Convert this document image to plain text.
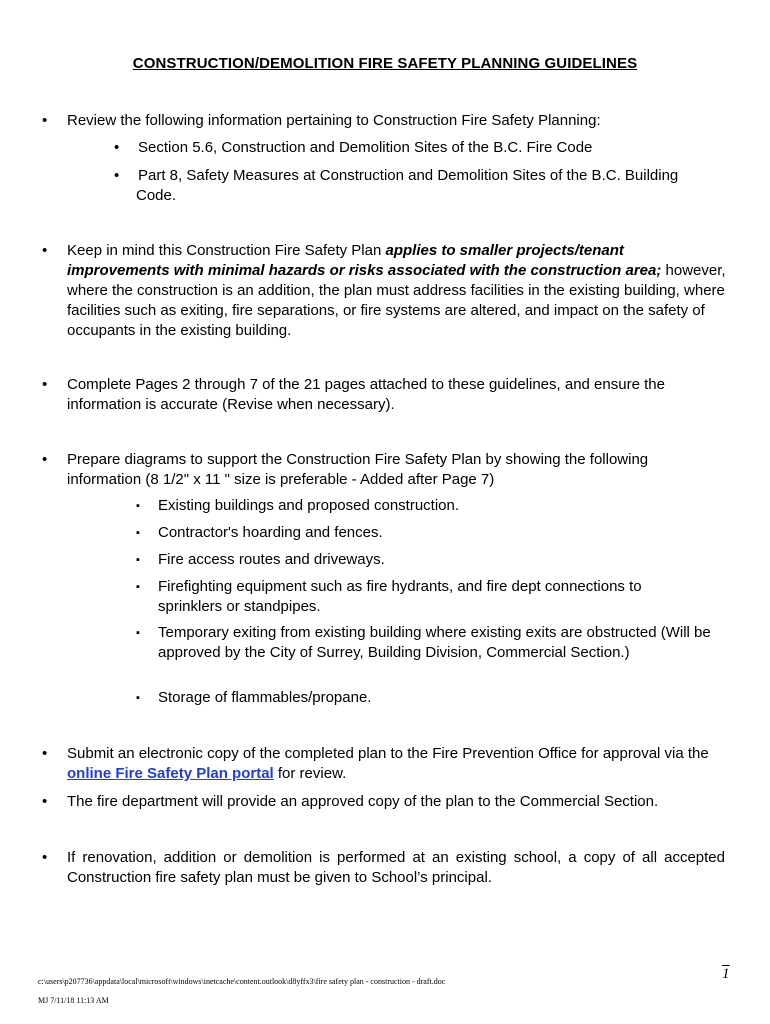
CONSTRUCTION/DEMOLITION FIRE SAFETY PLANNING GUIDELINES
• Review the following information pertaining to Construction Fire Safety Planning:

• Section 5.6, Construction and Demolition Sites of the B.C. Fire Code

• Part 8, Safety Measures at Construction and Demolition Sites of the B.C. Building Code.

• Keep in mind this Construction Fire Safety Plan applies to smaller projects/tenant improvements with minimal hazards or risks associated with the construction area; however, where the construction is an addition, the plan must address facilities in the existing building, where facilities such as exiting, fire separations, or fire systems are altered, and impact on the safety of occupants in the existing building.

• Complete Pages 2 through 7 of the 21 pages attached to these guidelines, and ensure the information is accurate (Revise when necessary).

• Prepare diagrams to support the Construction Fire Safety Plan by showing the following information (8 1/2" x 11 " size is preferable - Added after Page 7)

▪ Existing buildings and proposed construction.

▪ Contractor's hoarding and fences.

▪ Fire access routes and driveways.

▪ Firefighting equipment such as fire hydrants, and fire dept connections to sprinklers or standpipes.

▪ Temporary exiting from existing building where existing exits are obstructed (Will be approved by the City of Surrey, Building Division, Commercial Section.)

▪ Storage of flammables/propane.

• Submit an electronic copy of the completed plan to the Fire Prevention Office for approval via the online Fire Safety Plan portal for review.

• The fire department will provide an approved copy of the plan to the Commercial Section.

• If renovation, addition or demolition is performed at an existing school, a copy of all accepted Construction fire safety plan must be given to School’s principal.

c:\users\p207736\appdata\local\microsoft\windows\inetcache\content.outlook\d8yffx3\fire safety plan - construction - draft.doc
MJ 7/11/18 11:13 AM
1
